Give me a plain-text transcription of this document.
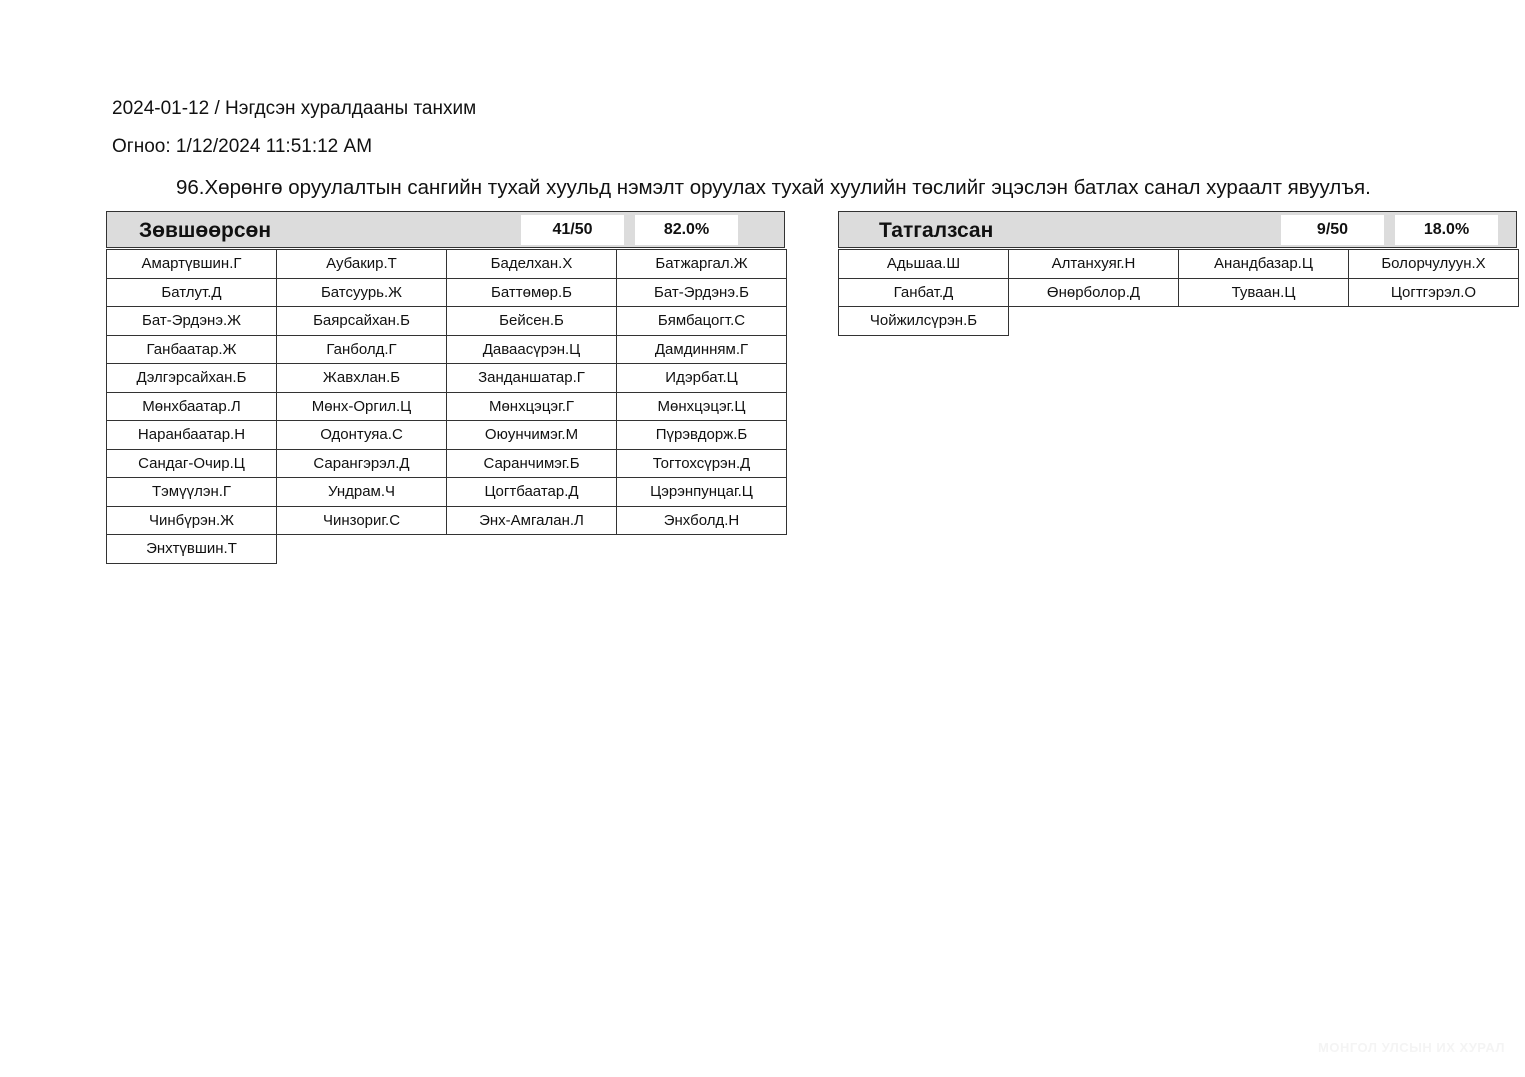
2024-01-12 / Нэгдсэн хуралдааны танхим
Огноо: 1/12/2024 11:51:12 AM
96.Хөрөнгө оруулалтын сангийн тухай хуульд нэмэлт оруулах тухай хуулийн төслийг эцэслэн батлах санал хураалт явуулъя.
Зөвшөөрсөн	41/50	82.0%
Амартүвшин.Г	Аубакир.Т	Баделхан.Х	Батжаргал.Ж
Батлут.Д	Батсуурь.Ж	Баттөмөр.Б	Бат-Эрдэнэ.Б
Бат-Эрдэнэ.Ж	Баярсайхан.Б	Бейсен.Б	Бямбацогт.С
Ганбаатар.Ж	Ганболд.Г	Даваасүрэн.Ц	Дамдинням.Г
Дэлгэрсайхан.Б	Жавхлан.Б	Занданшатар.Г	Идэрбат.Ц
Мөнхбаатар.Л	Мөнх-Оргил.Ц	Мөнхцэцэг.Г	Мөнхцэцэг.Ц
Наранбаатар.Н	Одонтуяа.С	Оюунчимэг.М	Пүрэвдорж.Б
Сандаг-Очир.Ц	Сарангэрэл.Д	Саранчимэг.Б	Тогтохсүрэн.Д
Тэмүүлэн.Г	Ундрам.Ч	Цогтбаатар.Д	Цэрэнпунцаг.Ц
Чинбүрэн.Ж	Чинзориг.С	Энх-Амгалан.Л	Энхболд.Н
Энхтүвшин.Т
Татгалзсан	9/50	18.0%
Адьшаа.Ш	Алтанхуяг.Н	Анандбазар.Ц	Болорчулуун.Х
Ганбат.Д	Өнөрболор.Д	Туваан.Ц	Цогтгэрэл.О
Чойжилсүрэн.Б
МОНГОЛ УЛСЫН ИХ ХУРАЛ
